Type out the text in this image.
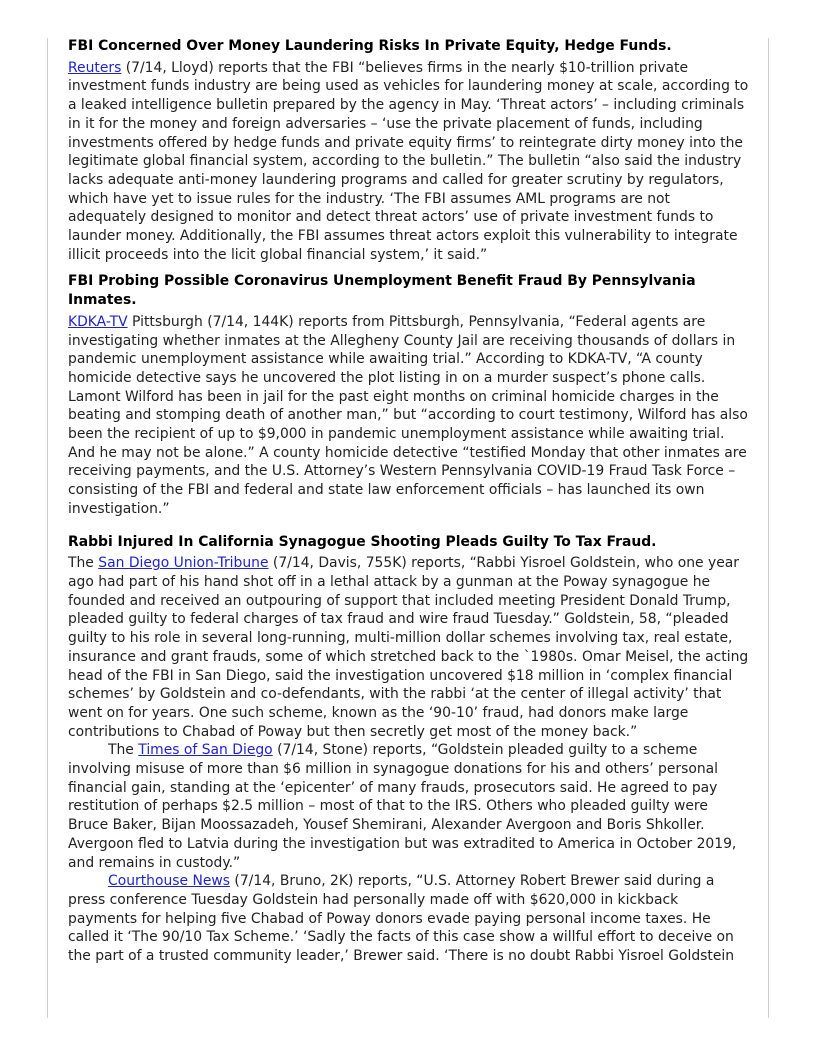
FBI Concerned Over Money Laundering Risks In Private Equity, Hedge Funds.

Reuters (7/14, Lloyd) reports that the FBI “believes firms in the nearly $10-trillion private investment funds industry are being used as vehicles for laundering money at scale, according to a leaked intelligence bulletin prepared by the agency in May. ‘Threat actors’ – including criminals in it for the money and foreign adversaries – ‘use the private placement of funds, including investments offered by hedge funds and private equity firms’ to reintegrate dirty money into the legitimate global financial system, according to the bulletin.” The bulletin “also said the industry lacks adequate anti-money laundering programs and called for greater scrutiny by regulators, which have yet to issue rules for the industry. ‘The FBI assumes AML programs are not adequately designed to monitor and detect threat actors’ use of private investment funds to launder money. Additionally, the FBI assumes threat actors exploit this vulnerability to integrate illicit proceeds into the licit global financial system,’ it said.”

FBI Probing Possible Coronavirus Unemployment Benefit Fraud By Pennsylvania Inmates.

KDKA-TV Pittsburgh (7/14, 144K) reports from Pittsburgh, Pennsylvania, “Federal agents are investigating whether inmates at the Allegheny County Jail are receiving thousands of dollars in pandemic unemployment assistance while awaiting trial.” According to KDKA-TV, “A county homicide detective says he uncovered the plot listing in on a murder suspect’s phone calls. Lamont Wilford has been in jail for the past eight months on criminal homicide charges in the beating and stomping death of another man,” but “according to court testimony, Wilford has also been the recipient of up to $9,000 in pandemic unemployment assistance while awaiting trial. And he may not be alone.” A county homicide detective “testified Monday that other inmates are receiving payments, and the U.S. Attorney’s Western Pennsylvania COVID-19 Fraud Task Force – consisting of the FBI and federal and state law enforcement officials – has launched its own investigation.”

Rabbi Injured In California Synagogue Shooting Pleads Guilty To Tax Fraud.

The San Diego Union-Tribune (7/14, Davis, 755K) reports, “Rabbi Yisroel Goldstein, who one year ago had part of his hand shot off in a lethal attack by a gunman at the Poway synagogue he founded and received an outpouring of support that included meeting President Donald Trump, pleaded guilty to federal charges of tax fraud and wire fraud Tuesday.” Goldstein, 58, “pleaded guilty to his role in several long-running, multi-million dollar schemes involving tax, real estate, insurance and grant frauds, some of which stretched back to the `1980s. Omar Meisel, the acting head of the FBI in San Diego, said the investigation uncovered $18 million in ‘complex financial schemes’ by Goldstein and co-defendants, with the rabbi ‘at the center of illegal activity’ that went on for years. One such scheme, known as the ‘90-10’ fraud, had donors make large contributions to Chabad of Poway but then secretly get most of the money back.”

The Times of San Diego (7/14, Stone) reports, “Goldstein pleaded guilty to a scheme involving misuse of more than $6 million in synagogue donations for his and others’ personal financial gain, standing at the ‘epicenter’ of many frauds, prosecutors said. He agreed to pay restitution of perhaps $2.5 million – most of that to the IRS. Others who pleaded guilty were Bruce Baker, Bijan Moossazadeh, Yousef Shemirani, Alexander Avergoon and Boris Shkoller. Avergoon fled to Latvia during the investigation but was extradited to America in October 2019, and remains in custody.”

Courthouse News (7/14, Bruno, 2K) reports, “U.S. Attorney Robert Brewer said during a press conference Tuesday Goldstein had personally made off with $620,000 in kickback payments for helping five Chabad of Poway donors evade paying personal income taxes. He called it ‘The 90/10 Tax Scheme.’ ‘Sadly the facts of this case show a willful effort to deceive on the part of a trusted community leader,’ Brewer said. ‘There is no doubt Rabbi Yisroel Goldstein
